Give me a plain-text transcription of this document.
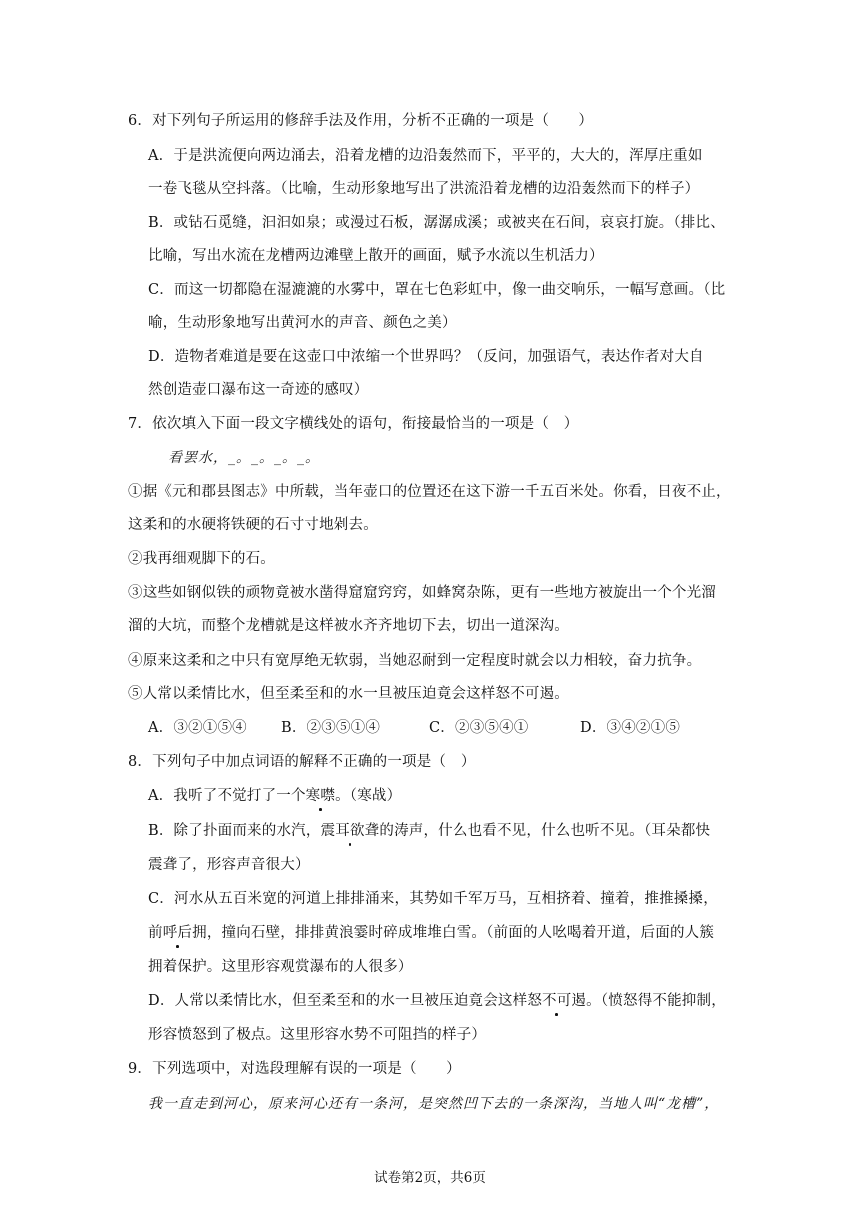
6．对下列句子所运用的修辞手法及作用，分析不正确的一项是（　　）
A．于是洪流便向两边涌去，沿着龙槽的边沿轰然而下，平平的，大大的，浑厚庄重如
一卷飞毯从空抖落。（比喻，生动形象地写出了洪流沿着龙槽的边沿轰然而下的样子）
B．或钻石觅缝，汩汩如泉；或漫过石板，潺潺成溪；或被夹在石间，哀哀打旋。（排比、
比喻，写出水流在龙槽两边滩壁上散开的画面，赋予水流以生机活力）
C．而这一切都隐在湿漉漉的水雾中，罩在七色彩虹中，像一曲交响乐，一幅写意画。（比
喻，生动形象地写出黄河水的声音、颜色之美）
D．造物者难道是要在这壶口中浓缩一个世界吗？（反问，加强语气，表达作者对大自
然创造壶口瀑布这一奇迹的感叹）
7．依次填入下面一段文字横线处的语句，衔接最恰当的一项是（　）
看罢水，_。_。_。_。
①据《元和郡县图志》中所载，当年壶口的位置还在这下游一千五百米处。你看，日夜不止，
这柔和的水硬将铁硬的石寸寸地剁去。
②我再细观脚下的石。
③这些如钢似铁的顽物竟被水凿得窟窟窍窍，如蜂窝杂陈，更有一些地方被旋出一个个光溜
溜的大坑，而整个龙槽就是这样被水齐齐地切下去，切出一道深沟。
④原来这柔和之中只有宽厚绝无软弱，当她忍耐到一定程度时就会以力相较，奋力抗争。
⑤人常以柔情比水，但至柔至和的水一旦被压迫竟会这样怒不可遏。
A．③②①⑤④ B．②③⑤①④	C．②③⑤④①	D．③④②①⑤
8．下列句子中加点词语的解释不正确的一项是（　）
A．我听了不觉打了一个寒噤。（寒战）
B．除了扑面而来的水汽，震耳欲聋的涛声，什么也看不见，什么也听不见。（耳朵都快
震聋了，形容声音很大）
C．河水从五百米宽的河道上排排涌来，其势如千军万马，互相挤着、撞着，推推搡搡，
前呼后拥，撞向石壁，排排黄浪霎时碎成堆堆白雪。（前面的人吆喝着开道，后面的人簇
拥着保护。这里形容观赏瀑布的人很多）
D．人常以柔情比水，但至柔至和的水一旦被压迫竟会这样怒不可遏。（愤怒得不能抑制，
形容愤怒到了极点。这里形容水势不可阻挡的样子）
9．下列选项中，对选段理解有误的一项是（　　）
我一直走到河心，原来河心还有一条河，是突然凹下去的一条深沟，当地人叫“龙槽”，
试卷第2页，共6页
